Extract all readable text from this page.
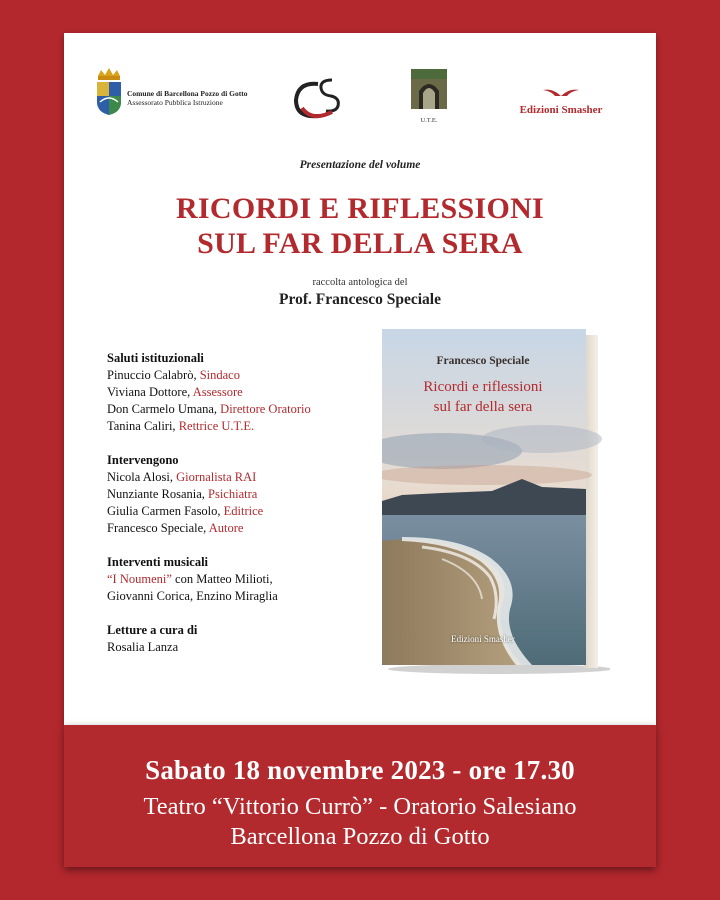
Comune di Barcellona Pozzo di Gotto
Assessorato Pubblica Istruzione
U.T.E.
Edizioni Smasher
Presentazione del volume
RICORDI E RIFLESSIONI
SUL FAR DELLA SERA
raccolta antologica del
Prof. Francesco Speciale
Saluti istituzionali
Pinuccio Calabrò, Sindaco
Viviana Dottore, Assessore
Don Carmelo Umana, Direttore Oratorio
Tanina Caliri, Rettrice U.T.E.
Intervengono
Nicola Alosi, Giornalista RAI
Nunziante Rosania, Psichiatra
Giulia Carmen Fasolo, Editrice
Francesco Speciale, Autore
Interventi musicali
“I Noumeni” con Matteo Milioti,
Giovanni Corica, Enzino Miraglia
Letture a cura di
Rosalia Lanza
Francesco Speciale
Ricordi e riflessioni
sul far della sera
Edizioni Smasher
Sabato 18 novembre 2023 - ore 17.30
Teatro “Vittorio Currò” - Oratorio Salesiano
Barcellona Pozzo di Gotto
